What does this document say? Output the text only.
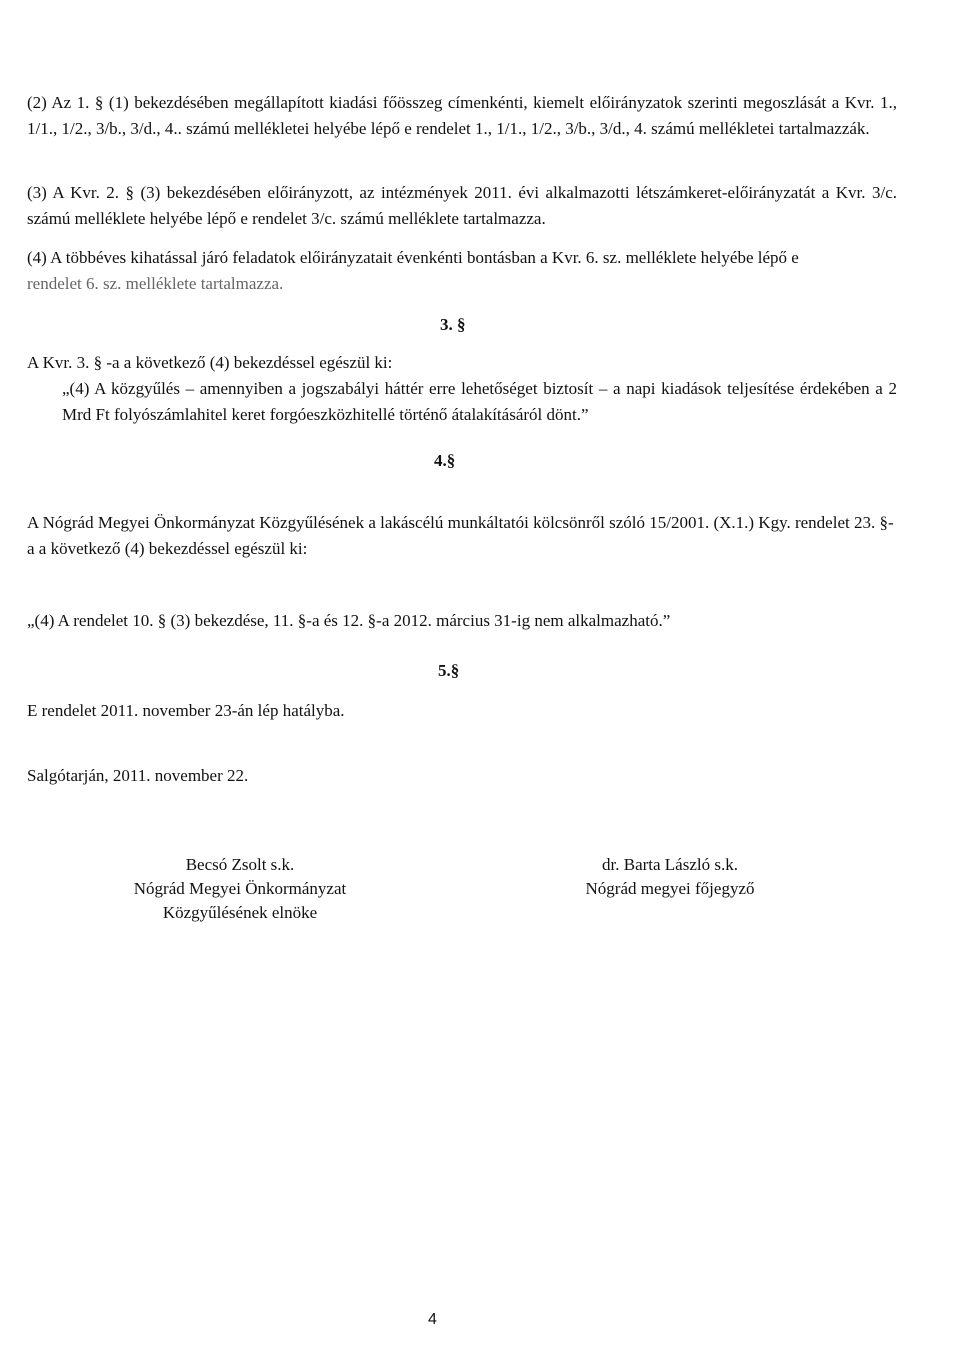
(2) Az 1. § (1) bekezdésében megállapított kiadási főösszeg címenkénti, kiemelt előirányzatok szerinti megoszlását a Kvr. 1., 1/1., 1/2., 3/b., 3/d., 4.. számú mellékletei helyébe lépő e rendelet 1., 1/1., 1/2., 3/b., 3/d., 4. számú mellékletei tartalmazzák.

(3) A Kvr. 2. § (3) bekezdésében előirányzott, az intézmények 2011. évi alkalmazotti létszámkeret-előirányzatát a Kvr. 3/c. számú melléklete helyébe lépő e rendelet 3/c. számú melléklete tartalmazza.

(4) A többéves kihatással járó feladatok előirányzatait évenkénti bontásban a Kvr. 6. sz. melléklete helyébe lépő e

rendelet 6. sz. melléklete tartalmazza.

3. §

A Kvr. 3. § -a a következő (4) bekezdéssel egészül ki:

„(4) A közgyűlés – amennyiben a jogszabályi háttér erre lehetőséget biztosít – a napi kiadások teljesítése érdekében a 2 Mrd Ft folyószámlahitel keret forgóeszközhitellé történő átalakításáról dönt.”

4.§

A Nógrád Megyei Önkormányzat Közgyűlésének a lakáscélú munkáltatói kölcsönről szóló 15/2001. (X.1.) Kgy. rendelet 23. §-a a következő (4) bekezdéssel egészül ki:

„(4) A rendelet 10. § (3) bekezdése, 11. §-a és 12. §-a 2012. március 31-ig nem alkalmazható.”

5.§

E rendelet 2011. november 23-án lép hatályba.

Salgótarján, 2011. november 22.

Becsó Zsolt s.k.
Nógrád Megyei Önkormányzat
Közgyűlésének elnöke
dr. Barta László s.k.
Nógrád megyei főjegyző
4
